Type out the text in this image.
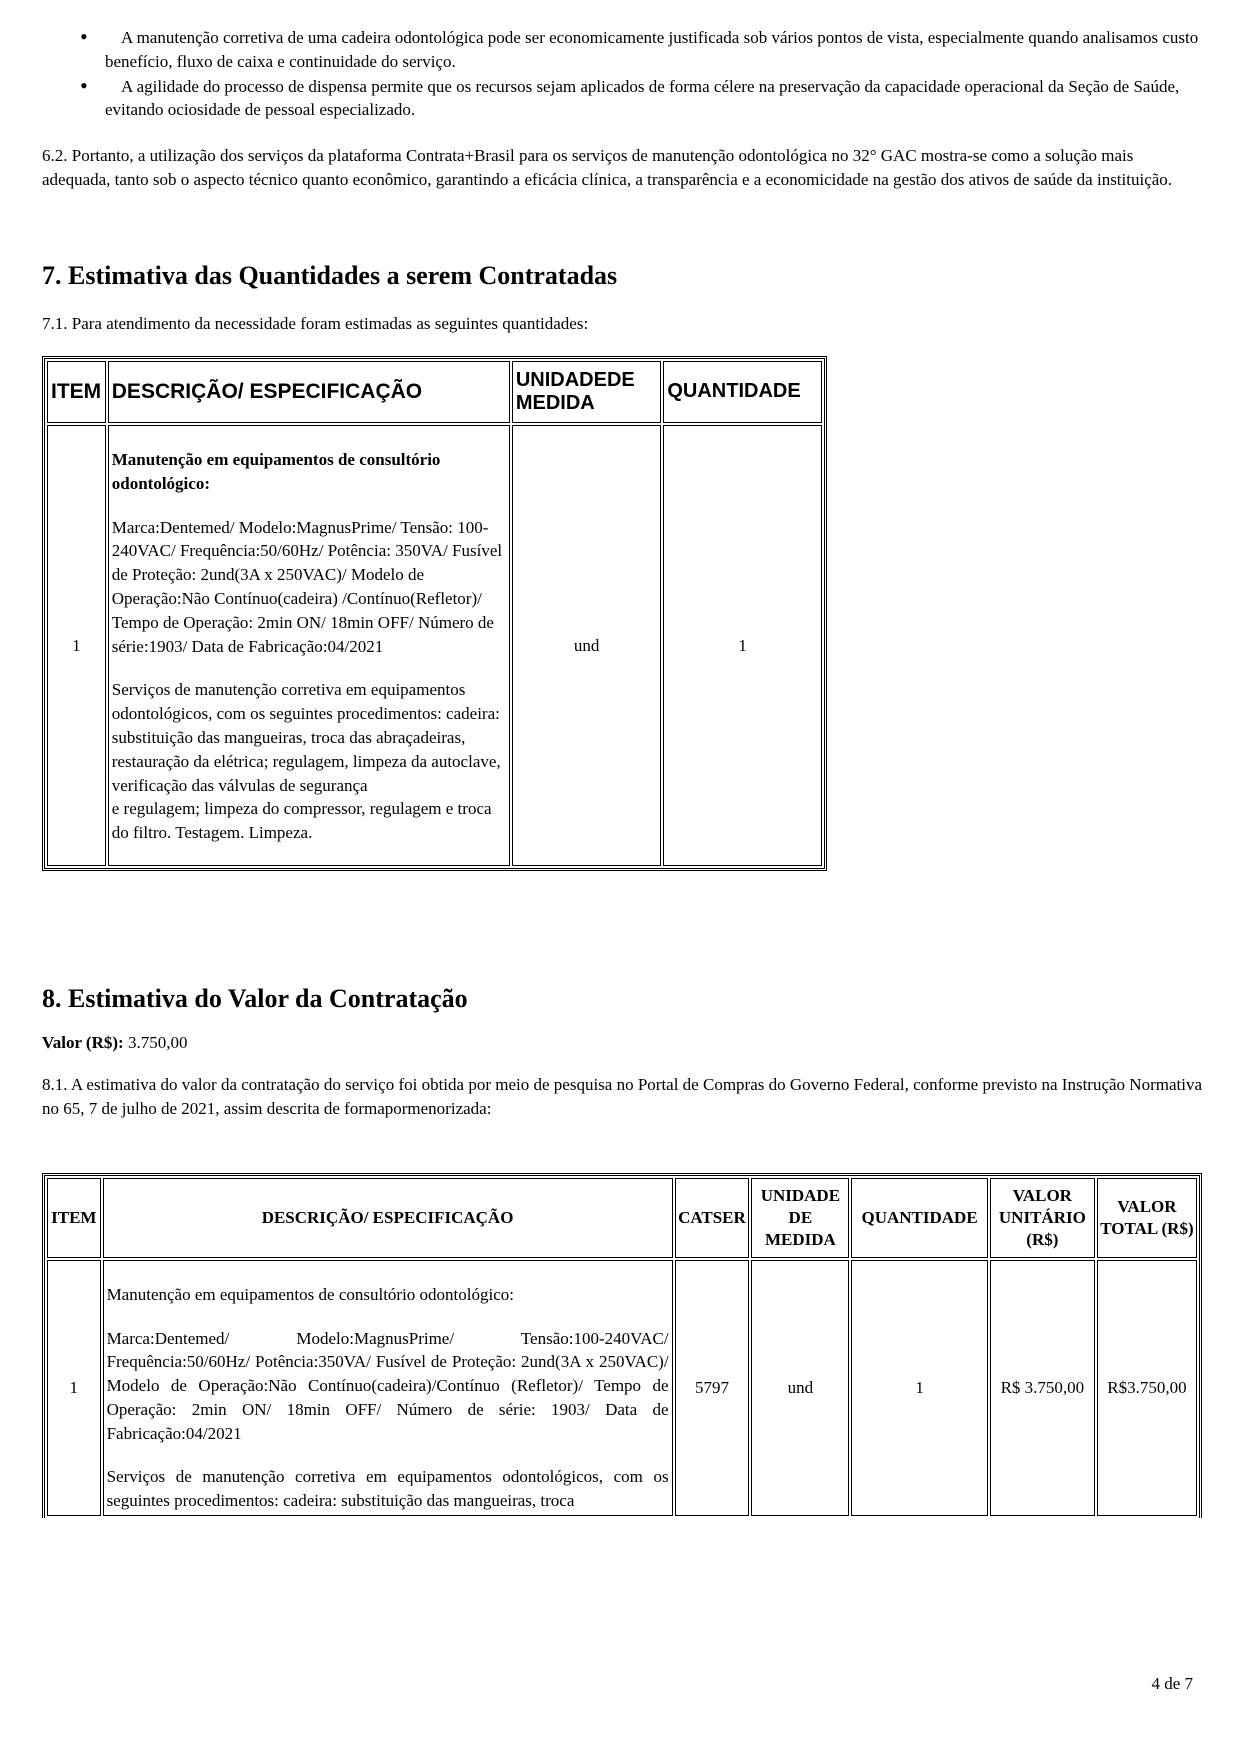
•	A manutenção corretiva de uma cadeira odontológica pode ser economicamente justificada sob vários pontos de vista, especialmente quando analisamos custo benefício, fluxo de caixa e continuidade do serviço.
•	A agilidade do processo de dispensa permite que os recursos sejam aplicados de forma célere na preservação da capacidade operacional da Seção de Saúde, evitando ociosidade de pessoal especializado.

6.2. Portanto, a utilização dos serviços da plataforma Contrata+Brasil para os serviços de manutenção odontológica no 32° GAC mostra-se como a solução mais adequada, tanto sob o aspecto técnico quanto econômico, garantindo a eficácia clínica, a transparência e a economicidade na gestão dos ativos de saúde da instituição.

7. Estimativa das Quantidades a serem Contratadas

7.1. Para atendimento da necessidade foram estimadas as seguintes quantidades:

ITEM	DESCRIÇÃO/ ESPECIFICAÇÃO	UNIDADEDE MEDIDA	QUANTIDADE
1	Manutenção em equipamentos de consultório odontológico:
Marca:Dentemed/ Modelo:MagnusPrime/ Tensão: 100-240VAC/ Frequência:50/60Hz/ Potência: 350VA/ Fusível de Proteção: 2und(3A x 250VAC)/ Modelo de Operação:Não Contínuo(cadeira) /Contínuo(Refletor)/ Tempo de Operação: 2min ON/ 18min OFF/ Número de série:1903/ Data de Fabricação:04/2021
Serviços de manutenção corretiva em equipamentos odontológicos, com os seguintes procedimentos: cadeira: substituição das mangueiras, troca das abraçadeiras, restauração da elétrica; regulagem, limpeza da autoclave, verificação das válvulas de segurança
e regulagem; limpeza do compressor, regulagem e troca do filtro. Testagem. Limpeza.	und	1
8. Estimativa do Valor da Contratação

Valor (R$): 3.750,00

8.1. A estimativa do valor da contratação do serviço foi obtida por meio de pesquisa no Portal de Compras do Governo Federal, conforme previsto na Instrução Normativa no 65, 7 de julho de 2021, assim descrita de formapormenorizada:

ITEM	DESCRIÇÃO/ ESPECIFICAÇÃO	CATSER	UNIDADE DE MEDIDA	QUANTIDADE	VALOR UNITÁRIO (R$)	VALOR TOTAL (R$)
1	Manutenção em equipamentos de consultório odontológico:
Marca:Dentemed/ Modelo:MagnusPrime/ Tensão:100-240VAC/ Frequência:50/60Hz/ Potência:350VA/ Fusível de Proteção: 2und(3A x 250VAC)/ Modelo de Operação:Não Contínuo(cadeira)/Contínuo (Refletor)/ Tempo de Operação: 2min ON/ 18min OFF/ Número de série: 1903/ Data de Fabricação:04/2021
Serviços de manutenção corretiva em equipamentos odontológicos, com os seguintes procedimentos: cadeira: substituição das mangueiras, troca	5797	und	1	R$ 3.750,00	R$3.750,00
4 de 7
